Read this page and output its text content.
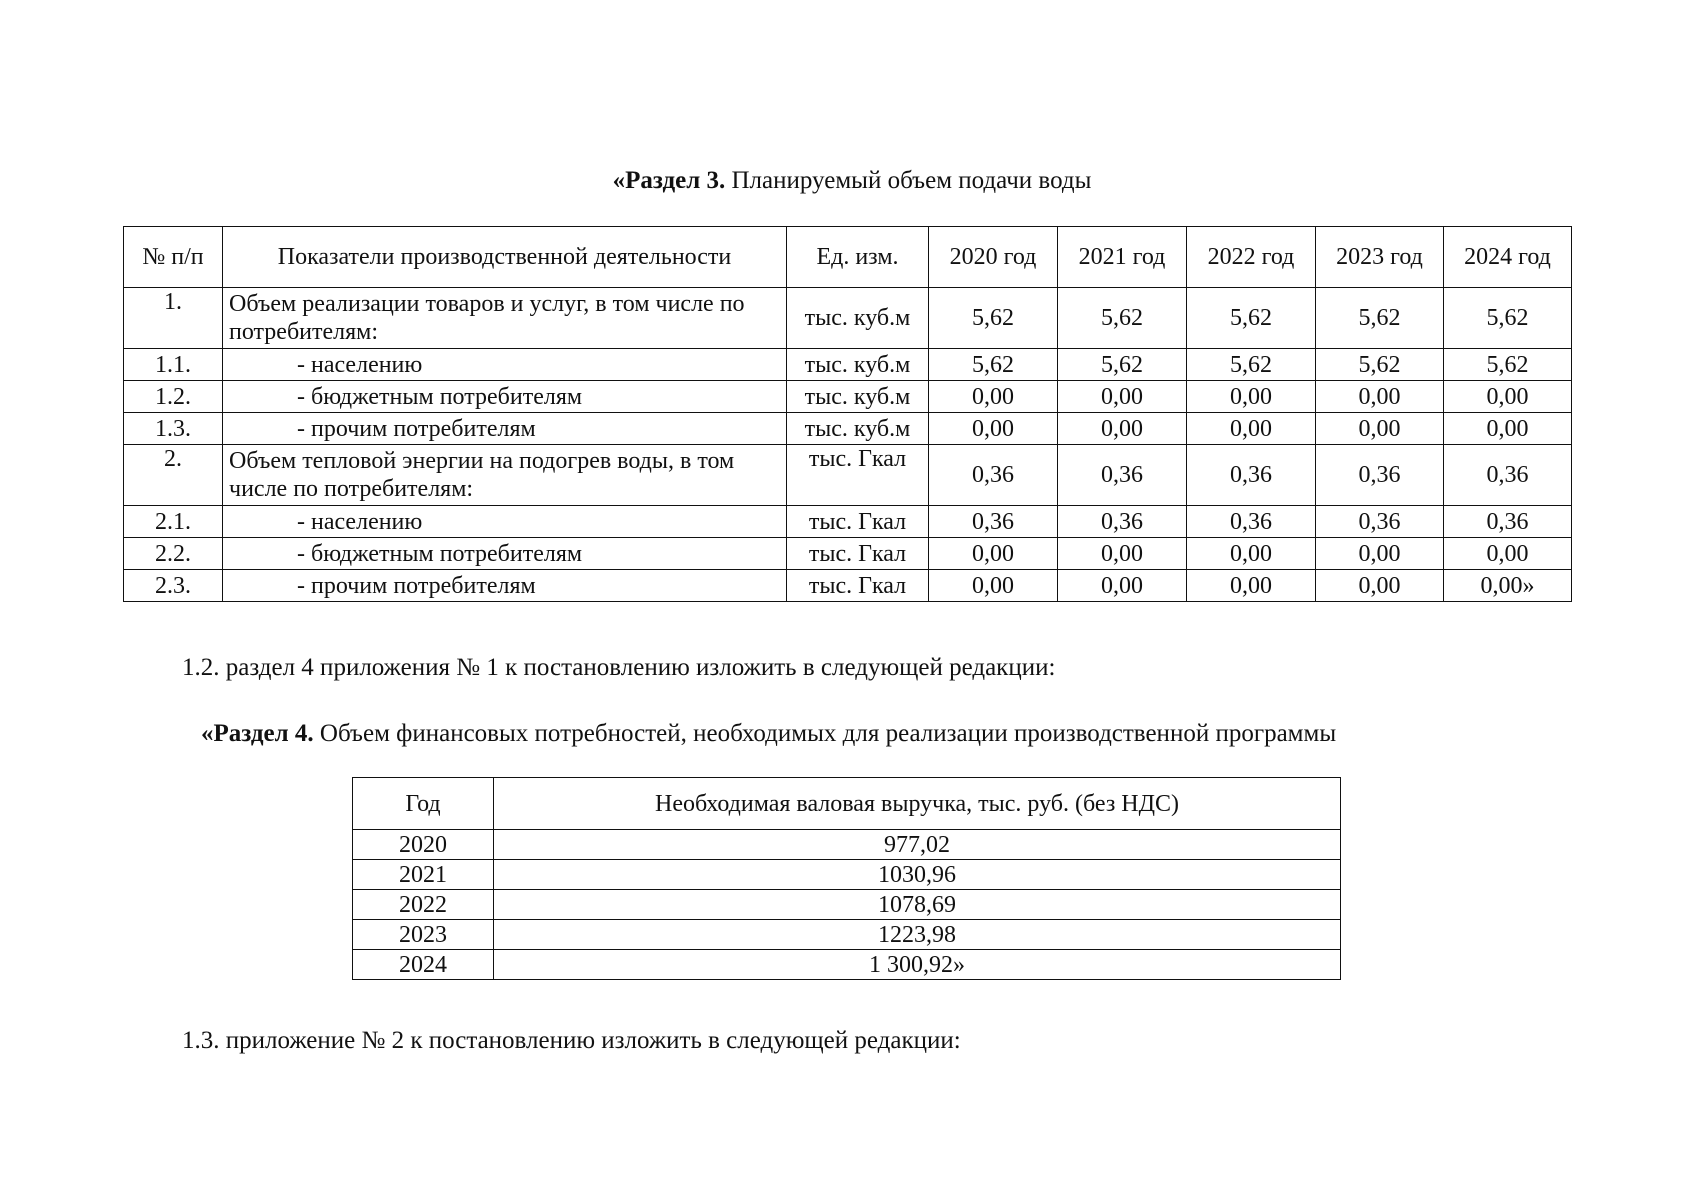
«Раздел 3. Планируемый объем подачи воды
№ п/п	Показатели производственной деятельности	Ед. изм.	2020 год	2021 год	2022 год	2023 год	2024 год
1.	Объем реализации товаров и услуг, в том числе по потребителям:	тыс. куб.м	5,62	5,62	5,62	5,62	5,62
1.1.	- населению	тыс. куб.м	5,62	5,62	5,62	5,62	5,62
1.2.	- бюджетным потребителям	тыс. куб.м	0,00	0,00	0,00	0,00	0,00
1.3.	- прочим потребителям	тыс. куб.м	0,00	0,00	0,00	0,00	0,00
2.	Объем тепловой энергии на подогрев воды, в том числе по потребителям:	тыс. Гкал	0,36	0,36	0,36	0,36	0,36
2.1.	- населению	тыс. Гкал	0,36	0,36	0,36	0,36	0,36
2.2.	- бюджетным потребителям	тыс. Гкал	0,00	0,00	0,00	0,00	0,00
2.3.	- прочим потребителям	тыс. Гкал	0,00	0,00	0,00	0,00	0,00»
1.2. раздел 4 приложения № 1 к постановлению изложить в следующей редакции:
«Раздел 4. Объем финансовых потребностей, необходимых для реализации производственной программы
Год	Необходимая валовая выручка, тыс. руб. (без НДС)
2020	977,02
2021	1030,96
2022	1078,69
2023	1223,98
2024	1 300,92»
1.3. приложение № 2 к постановлению изложить в следующей редакции:
